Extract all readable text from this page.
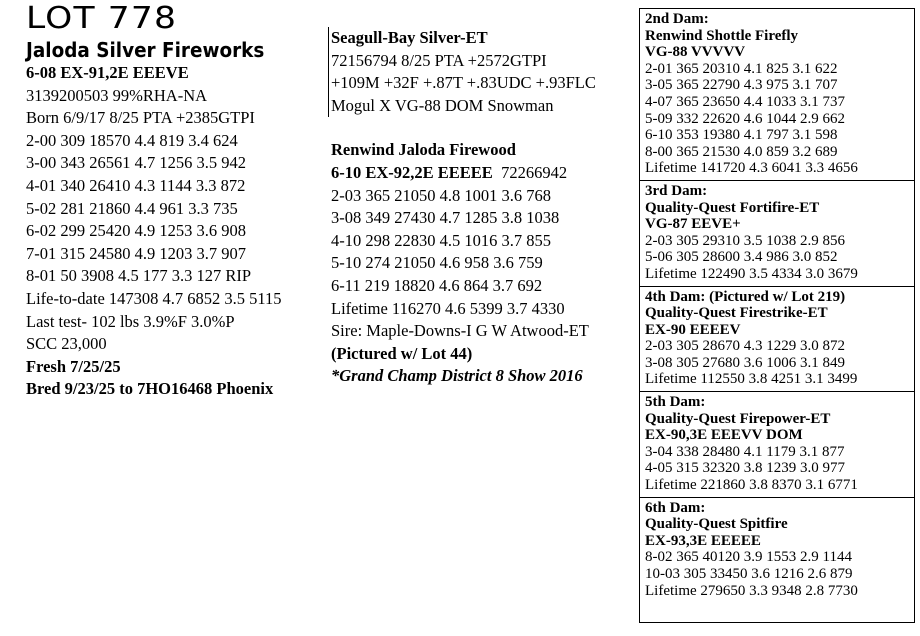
LOT 778
Jaloda Silver Fireworks
6-08 EX-91,2E EEEVE
3139200503 99%RHA-NA
Born 6/9/17 8/25 PTA +2385GTPI
2-00 309 18570 4.4 819 3.4 624
3-00 343 26561 4.7 1256 3.5 942
4-01 340 26410 4.3 1144 3.3 872
5-02 281 21860 4.4 961 3.3 735
6-02 299 25420 4.9 1253 3.6 908
7-01 315 24580 4.9 1203 3.7 907
8-01 50 3908 4.5 177 3.3 127 RIP
Life-to-date 147308 4.7 6852 3.5 5115
Last test- 102 lbs 3.9%F 3.0%P
SCC 23,000
Fresh 7/25/25
Bred 9/23/25 to 7HO16468 Phoenix
Seagull-Bay Silver-ET
72156794 8/25 PTA +2572GTPI
+109M +32F +.87T +.83UDC +.93FLC
Mogul X VG-88 DOM Snowman
Renwind Jaloda Firewood
6-10 EX-92,2E EEEEE 72266942
2-03 365 21050 4.8 1001 3.6 768
3-08 349 27430 4.7 1285 3.8 1038
4-10 298 22830 4.5 1016 3.7 855
5-10 274 21050 4.6 958 3.6 759
6-11 219 18820 4.6 864 3.7 692
Lifetime 116270 4.6 5399 3.7 4330
Sire: Maple-Downs-I G W Atwood-ET
(Pictured w/ Lot 44)
*Grand Champ District 8 Show 2016
2nd Dam:
Renwind Shottle Firefly
VG-88 VVVVV
2-01 365 20310 4.1 825 3.1 622
3-05 365 22790 4.3 975 3.1 707
4-07 365 23650 4.4 1033 3.1 737
5-09 332 22620 4.6 1044 2.9 662
6-10 353 19380 4.1 797 3.1 598
8-00 365 21530 4.0 859 3.2 689
Lifetime 141720 4.3 6041 3.3 4656
3rd Dam:
Quality-Quest Fortifire-ET
VG-87 EEVE+
2-03 305 29310 3.5 1038 2.9 856
5-06 305 28600 3.4 986 3.0 852
Lifetime 122490 3.5 4334 3.0 3679
4th Dam: (Pictured w/ Lot 219)
Quality-Quest Firestrike-ET
EX-90 EEEEV
2-03 305 28670 4.3 1229 3.0 872
3-08 305 27680 3.6 1006 3.1 849
Lifetime 112550 3.8 4251 3.1 3499
5th Dam:
Quality-Quest Firepower-ET
EX-90,3E EEEVV DOM
3-04 338 28480 4.1 1179 3.1 877
4-05 315 32320 3.8 1239 3.0 977
Lifetime 221860 3.8 8370 3.1 6771
6th Dam:
Quality-Quest Spitfire
EX-93,3E EEEEE
8-02 365 40120 3.9 1553 2.9 1144
10-03 305 33450 3.6 1216 2.6 879
Lifetime 279650 3.3 9348 2.8 7730
